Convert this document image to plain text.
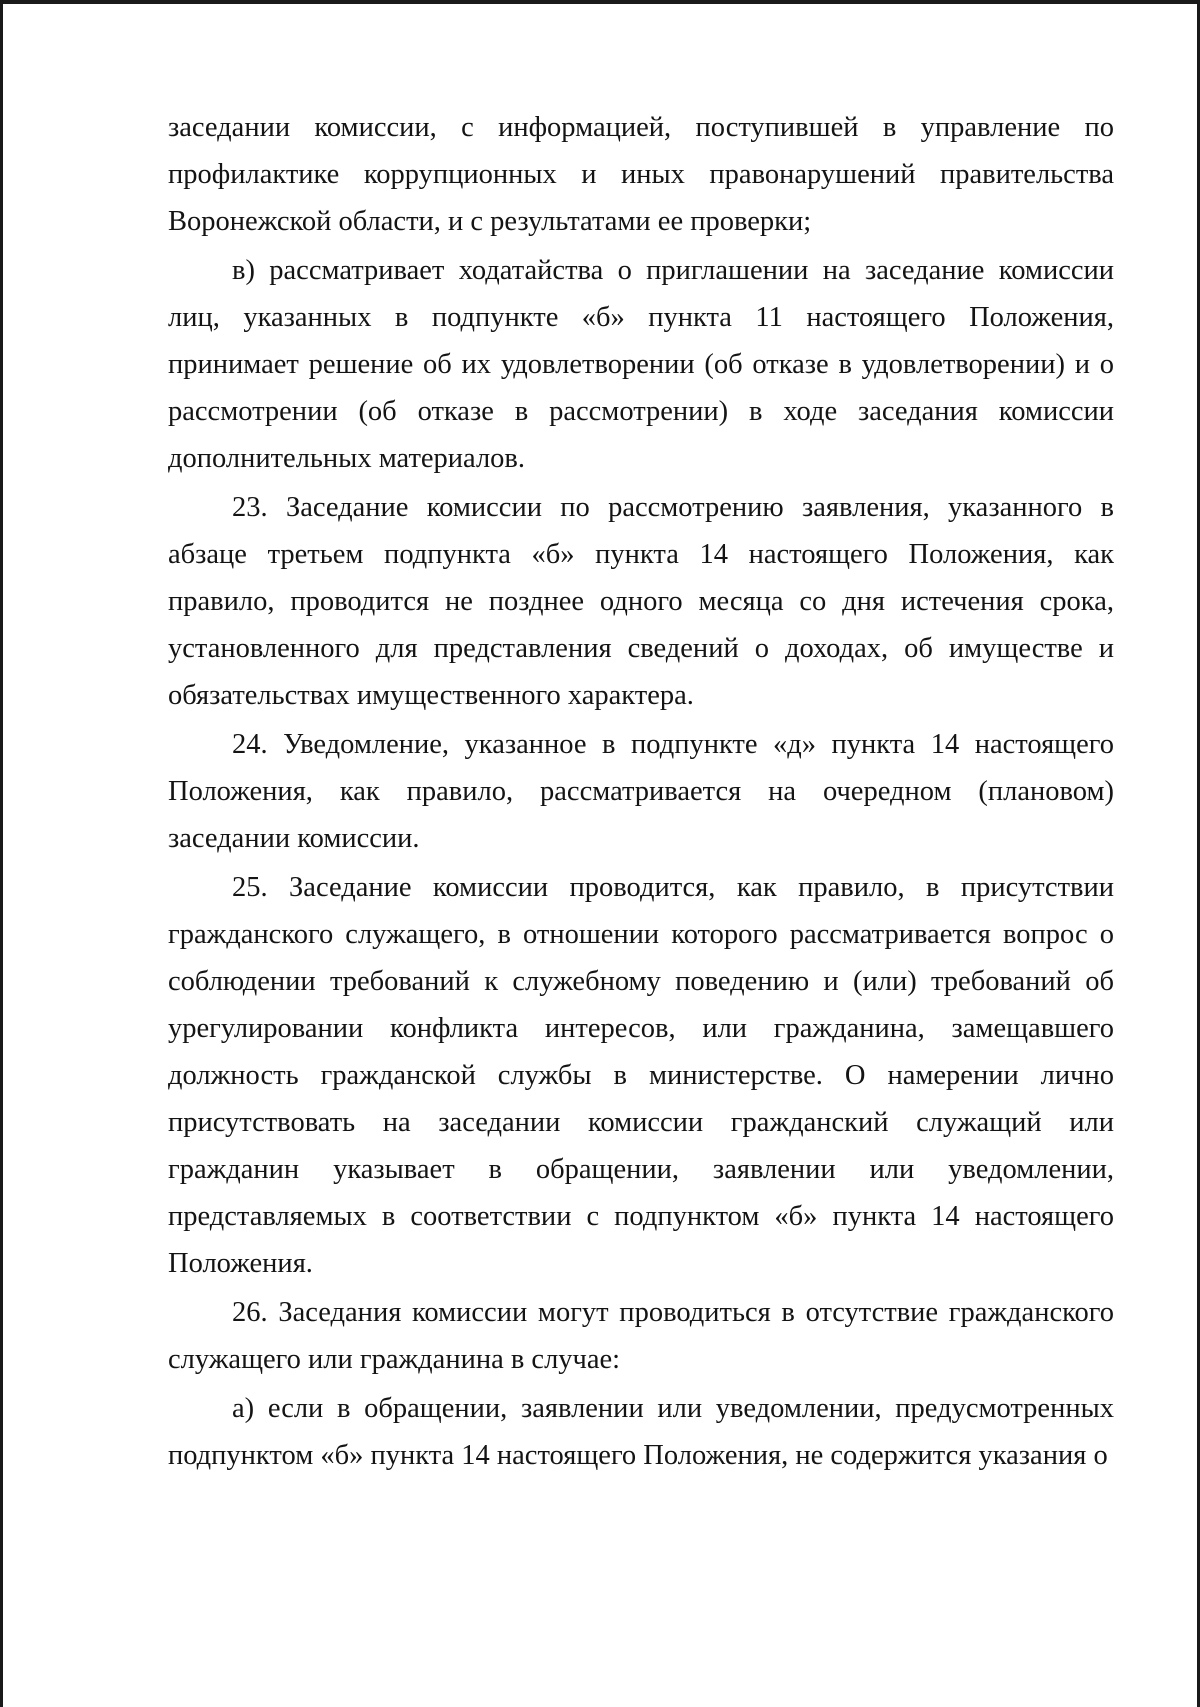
заседании комиссии, с информацией, поступившей в управление по профилактике коррупционных и иных правонарушений правительства Воронежской области, и с результатами ее проверки;

в) рассматривает ходатайства о приглашении на заседание комиссии лиц, указанных в подпункте «б» пункта 11 настоящего Положения, принимает решение об их удовлетворении (об отказе в удовлетворении) и о рассмотрении (об отказе в рассмотрении) в ходе заседания комиссии дополнительных материалов.

23. Заседание комиссии по рассмотрению заявления, указанного в абзаце третьем подпункта «б» пункта 14 настоящего Положения, как правило, проводится не позднее одного месяца со дня истечения срока, установленного для представления сведений о доходах, об имуществе и обязательствах имущественного характера.

24. Уведомление, указанное в подпункте «д» пункта 14 настоящего Положения, как правило, рассматривается на очередном (плановом) заседании комиссии.

25. Заседание комиссии проводится, как правило, в присутствии гражданского служащего, в отношении которого рассматривается вопрос о соблюдении требований к служебному поведению и (или) требований об урегулировании конфликта интересов, или гражданина, замещавшего должность гражданской службы в министерстве. О намерении лично присутствовать на заседании комиссии гражданский служащий или гражданин указывает в обращении, заявлении или уведомлении, представляемых в соответствии с подпунктом «б» пункта 14 настоящего Положения.

26. Заседания комиссии могут проводиться в отсутствие гражданского служащего или гражданина в случае:

а) если в обращении, заявлении или уведомлении, предусмотренных подпунктом «б» пункта 14 настоящего Положения, не содержится указания о
